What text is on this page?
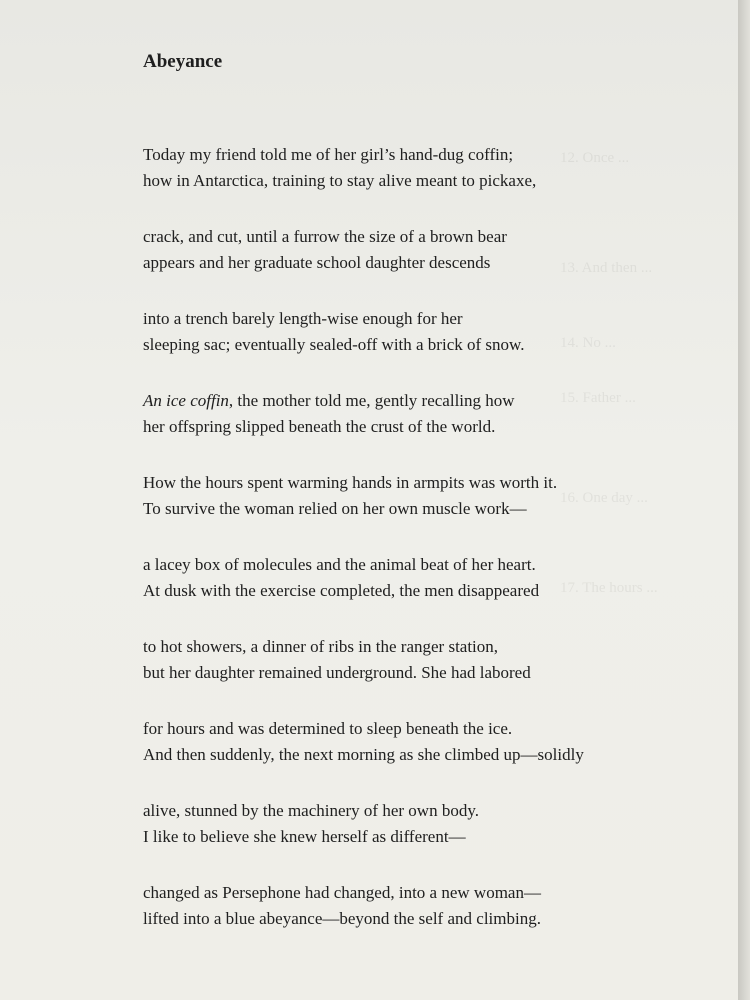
12. Once ...
13. And then ...
14. No ...
15. Father ...
16. One day ...
17. The hours ...
Abeyance

Today my friend told me of her girl’s hand-dug coffin;
how in Antarctica, training to stay alive meant to pickaxe,

crack, and cut, until a furrow the size of a brown bear
appears and her graduate school daughter descends

into a trench barely length-wise enough for her
sleeping sac; eventually sealed-off with a brick of snow.

An ice coffin, the mother told me, gently recalling how
her offspring slipped beneath the crust of the world.

How the hours spent warming hands in armpits was worth it.
To survive the woman relied on her own muscle work—

a lacey box of molecules and the animal beat of her heart.
At dusk with the exercise completed, the men disappeared

to hot showers, a dinner of ribs in the ranger station,
but her daughter remained underground. She had labored

for hours and was determined to sleep beneath the ice.
And then suddenly, the next morning as she climbed up—solidly

alive, stunned by the machinery of her own body.
I like to believe she knew herself as different—

changed as Persephone had changed, into a new woman—
lifted into a blue abeyance—beyond the self and climbing.
